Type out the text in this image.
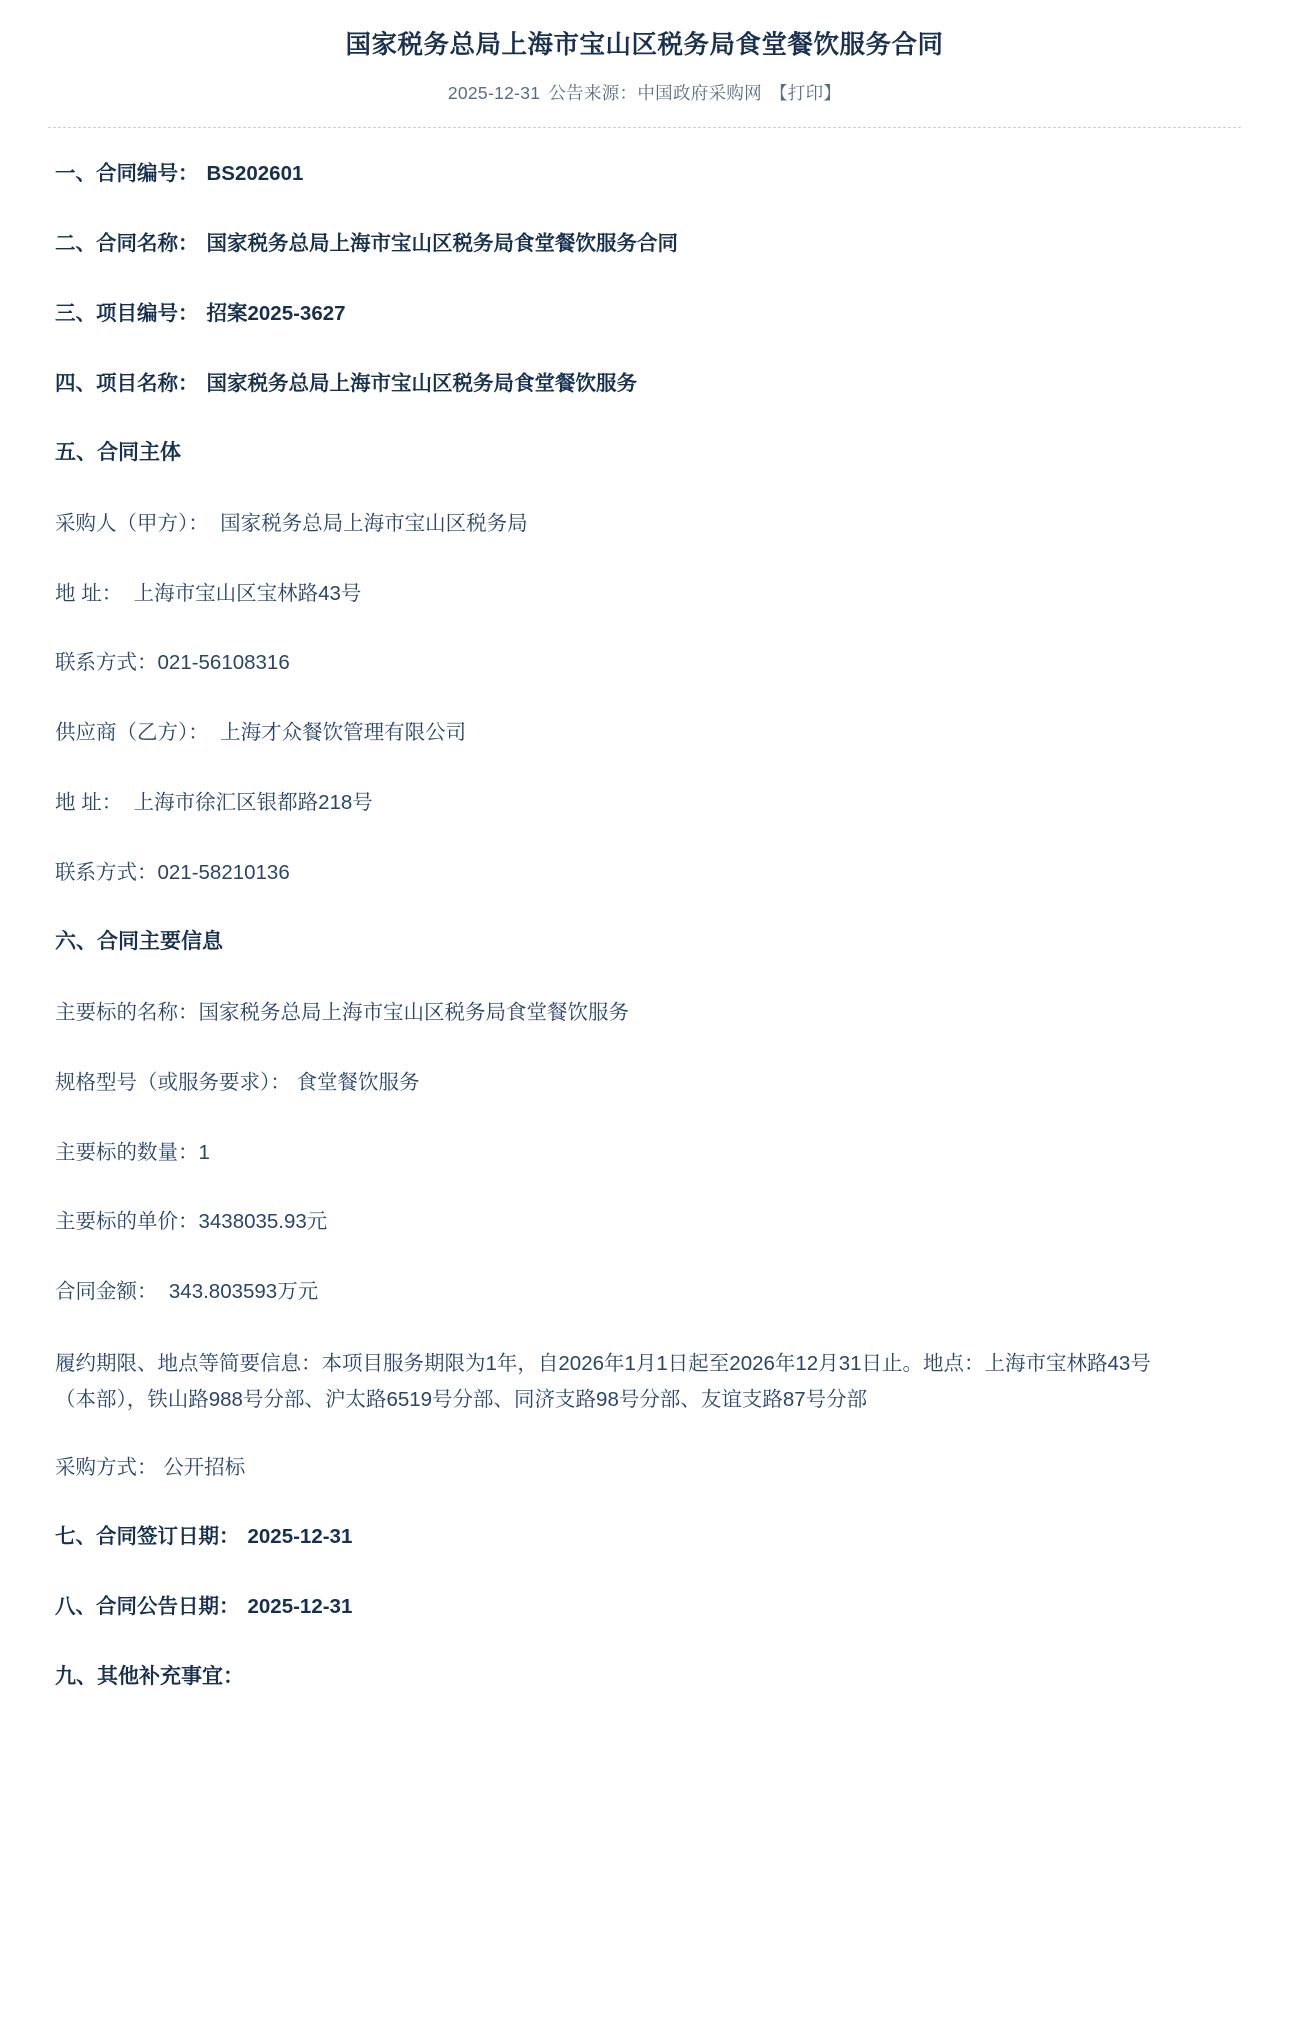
国家税务总局上海市宝山区税务局食堂餐饮服务合同
2025-12-31 公告来源：中国政府采购网 【打印】
一、合同编号： BS202601
二、合同名称： 国家税务总局上海市宝山区税务局食堂餐饮服务合同
三、项目编号： 招案2025-3627
四、项目名称： 国家税务总局上海市宝山区税务局食堂餐饮服务
五、合同主体
采购人（甲方）： 国家税务总局上海市宝山区税务局
地 址： 上海市宝山区宝林路43号
联系方式：021-56108316
供应商（乙方）： 上海才众餐饮管理有限公司
地 址： 上海市徐汇区银都路218号
联系方式：021-58210136
六、合同主要信息
主要标的名称：国家税务总局上海市宝山区税务局食堂餐饮服务
规格型号（或服务要求）： 食堂餐饮服务
主要标的数量：1
主要标的单价：3438035.93元
合同金额： 343.803593万元
履约期限、地点等简要信息：本项目服务期限为1年，自2026年1月1日起至2026年12月31日止。地点：上海市宝林路43号（本部），铁山路988号分部、沪太路6519号分部、同济支路98号分部、友谊支路87号分部
采购方式： 公开招标
七、合同签订日期： 2025-12-31
八、合同公告日期： 2025-12-31
九、其他补充事宜：
